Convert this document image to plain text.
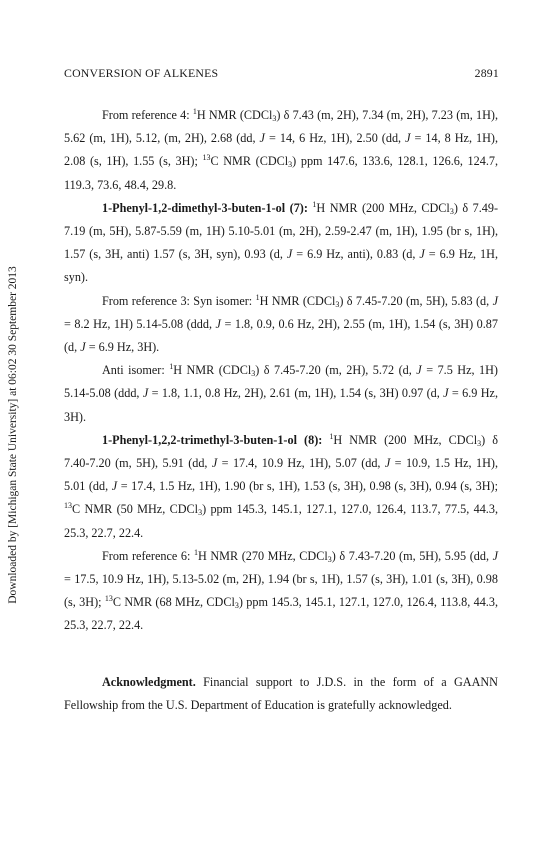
Downloaded by [Michigan State University] at 06:02 30 September 2013
CONVERSION OF ALKENES	2891

From reference 4: $^1$H NMR (CDCl$_3$) δ 7.43 (m, 2H), 7.34 (m, 2H), 7.23 (m, 1H), 5.62 (m, 1H), 5.12, (m, 2H), 2.68 (dd, J = 14, 6 Hz, 1H), 2.50 (dd, J = 14, 8 Hz, 1H), 2.08 (s, 1H), 1.55 (s, 3H); $^{13}$C NMR (CDCl$_3$) ppm 147.6, 133.6, 128.1, 126.6, 124.7, 119.3, 73.6, 48.4, 29.8.

1-Phenyl-1,2-dimethyl-3-buten-1-ol (7): $^1$H NMR (200 MHz, CDCl$_3$) δ 7.49-7.19 (m, 5H), 5.87-5.59 (m, 1H) 5.10-5.01 (m, 2H), 2.59-2.47 (m, 1H), 1.95 (br s, 1H), 1.57 (s, 3H, anti) 1.57 (s, 3H, syn), 0.93 (d, J = 6.9 Hz, anti), 0.83 (d, J = 6.9 Hz, 1H, syn).

From reference 3: Syn isomer: $^1$H NMR (CDCl$_3$) δ 7.45-7.20 (m, 5H), 5.83 (d, J = 8.2 Hz, 1H) 5.14-5.08 (ddd, J = 1.8, 0.9, 0.6 Hz, 2H), 2.55 (m, 1H), 1.54 (s, 3H) 0.87 (d, J = 6.9 Hz, 3H).

Anti isomer: $^1$H NMR (CDCl$_3$) δ 7.45-7.20 (m, 2H), 5.72 (d, J = 7.5 Hz, 1H) 5.14-5.08 (ddd, J = 1.8, 1.1, 0.8 Hz, 2H), 2.61 (m, 1H), 1.54 (s, 3H) 0.97 (d, J = 6.9 Hz, 3H).

1-Phenyl-1,2,2-trimethyl-3-buten-1-ol (8): $^1$H NMR (200 MHz, CDCl$_3$) δ 7.40-7.20 (m, 5H), 5.91 (dd, J = 17.4, 10.9 Hz, 1H), 5.07 (dd, J = 10.9, 1.5 Hz, 1H), 5.01 (dd, J = 17.4, 1.5 Hz, 1H), 1.90 (br s, 1H), 1.53 (s, 3H), 0.98 (s, 3H), 0.94 (s, 3H); $^{13}$C NMR (50 MHz, CDCl$_3$) ppm 145.3, 145.1, 127.1, 127.0, 126.4, 113.7, 77.5, 44.3, 25.3, 22.7, 22.4.

From reference 6: $^1$H NMR (270 MHz, CDCl$_3$) δ 7.43-7.20 (m, 5H), 5.95 (dd, J = 17.5, 10.9 Hz, 1H), 5.13-5.02 (m, 2H), 1.94 (br s, 1H), 1.57 (s, 3H), 1.01 (s, 3H), 0.98 (s, 3H); $^{13}$C NMR (68 MHz, CDCl$_3$) ppm 145.3, 145.1, 127.1, 127.0, 126.4, 113.8, 44.3, 25.3, 22.7, 22.4.

Acknowledgment. Financial support to J.D.S. in the form of a GAANN Fellowship from the U.S. Department of Education is gratefully acknowledged.
